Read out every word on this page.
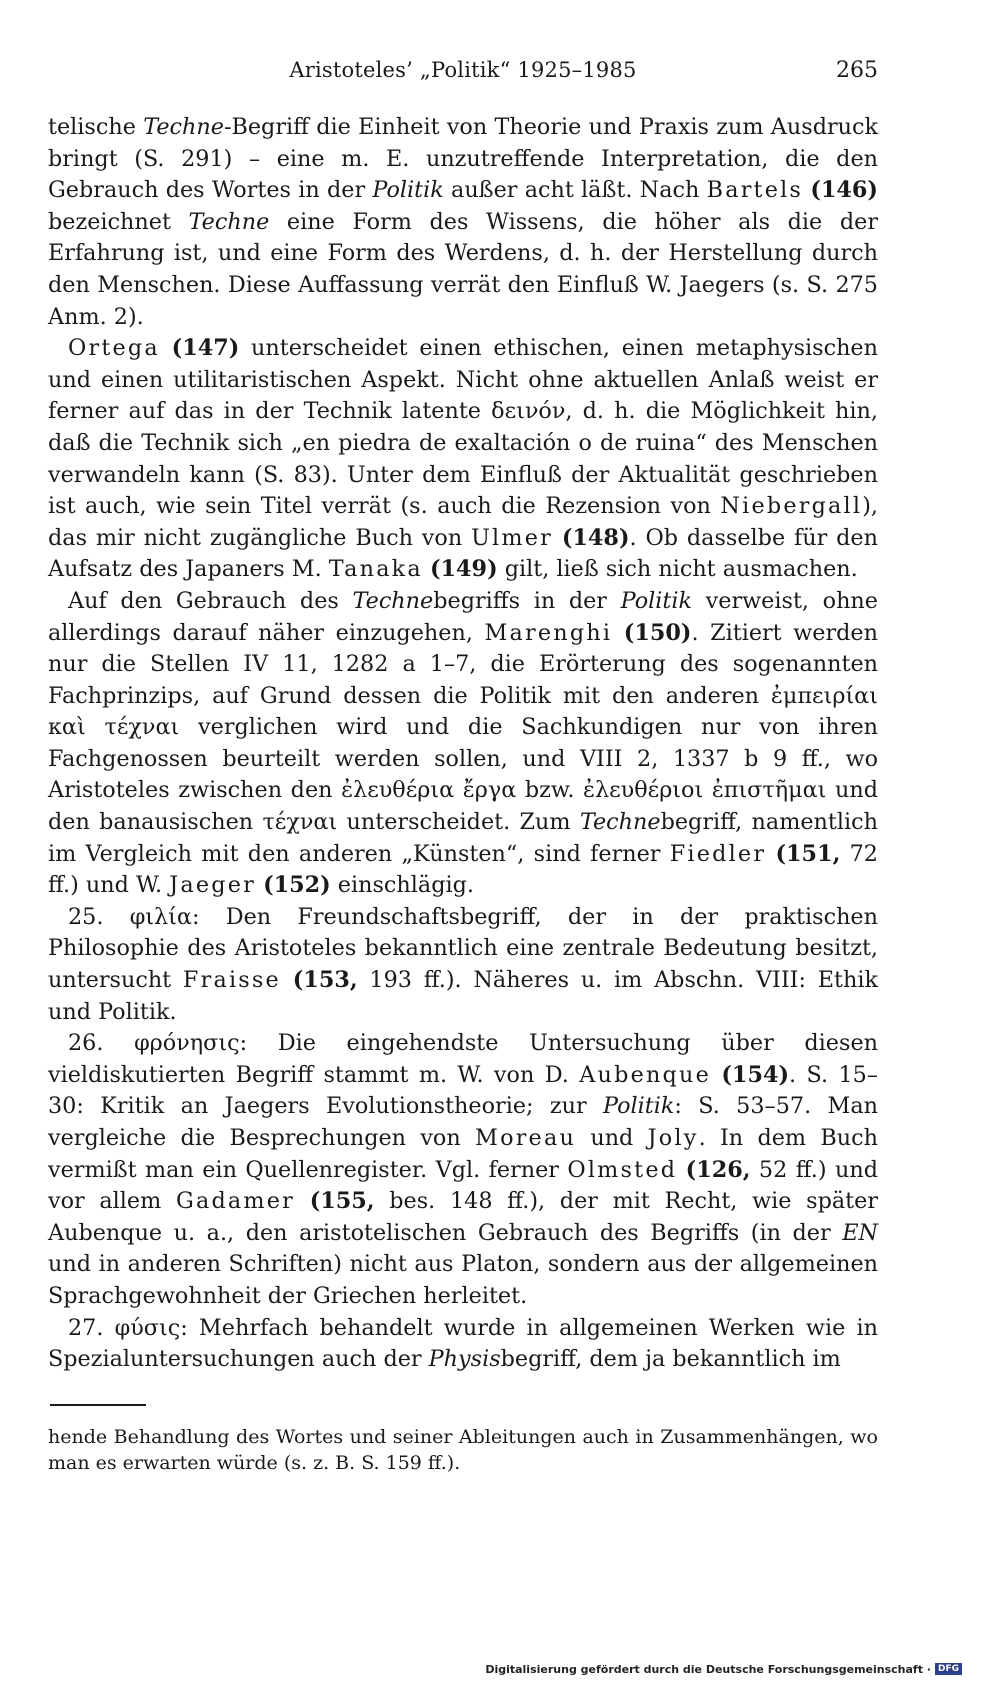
Aristoteles’ „Politik“ 1925–1985	265

telische Techne-Begriff die Einheit von Theorie und Praxis zum Ausdruck bringt (S. 291) – eine m. E. unzutreffende Interpretation, die den Gebrauch des Wortes in der Politik außer acht läßt. Nach Bartels (146) bezeichnet Techne eine Form des Wissens, die höher als die der Erfahrung ist, und eine Form des Werdens, d. h. der Herstellung durch den Menschen. Diese Auffassung verrät den Einfluß W. Jaegers (s. S. 275 Anm. 2).

Ortega (147) unterscheidet einen ethischen, einen metaphysischen und einen utilitaristischen Aspekt. Nicht ohne aktuellen Anlaß weist er ferner auf das in der Technik latente δεινόν, d. h. die Möglichkeit hin, daß die Technik sich „en piedra de exaltación o de ruina“ des Menschen verwandeln kann (S. 83). Unter dem Einfluß der Aktualität geschrieben ist auch, wie sein Titel verrät (s. auch die Rezension von Niebergall), das mir nicht zugängliche Buch von Ulmer (148). Ob dasselbe für den Aufsatz des Japaners M. Tanaka (149) gilt, ließ sich nicht ausmachen.

Auf den Gebrauch des Technebegriffs in der Politik verweist, ohne allerdings darauf näher einzugehen, Marenghi (150). Zitiert werden nur die Stellen IV 11, 1282 a 1–7, die Erörterung des sogenannten Fachprinzips, auf Grund dessen die Politik mit den anderen ἐμπειρίαι καὶ τέχναι verglichen wird und die Sachkundigen nur von ihren Fachgenossen beurteilt werden sollen, und VIII 2, 1337 b 9 ff., wo Aristoteles zwischen den ἐλευθέρια ἔργα bzw. ἐλευθέριοι ἐπιστῆμαι und den banausischen τέχναι unterscheidet. Zum Technebegriff, namentlich im Vergleich mit den anderen „Künsten“, sind ferner Fiedler (151, 72 ff.) und W. Jaeger (152) einschlägig.

25. φιλία: Den Freundschaftsbegriff, der in der praktischen Philosophie des Aristoteles bekanntlich eine zentrale Bedeutung besitzt, untersucht Fraisse (153, 193 ff.). Näheres u. im Abschn. VIII: Ethik und Politik.

26. φρόνησις: Die eingehendste Untersuchung über diesen vieldiskutierten Begriff stammt m. W. von D. Aubenque (154). S. 15–30: Kritik an Jaegers Evolutionstheorie; zur Politik: S. 53–57. Man vergleiche die Besprechungen von Moreau und Joly. In dem Buch vermißt man ein Quellenregister. Vgl. ferner Olmsted (126, 52 ff.) und vor allem Gadamer (155, bes. 148 ff.), der mit Recht, wie später Aubenque u. a., den aristotelischen Gebrauch des Begriffs (in der EN und in anderen Schriften) nicht aus Platon, sondern aus der allgemeinen Sprachgewohnheit der Griechen herleitet.

27. φύσις: Mehrfach behandelt wurde in allgemeinen Werken wie in Spezialuntersuchungen auch der Physisbegriff, dem ja bekanntlich im

hende Behandlung des Wortes und seiner Ableitungen auch in Zusammenhängen, wo man es erwarten würde (s. z. B. S. 159 ff.).
Digitalisierung gefördert durch die Deutsche Forschungsgemeinschaft · DFG
